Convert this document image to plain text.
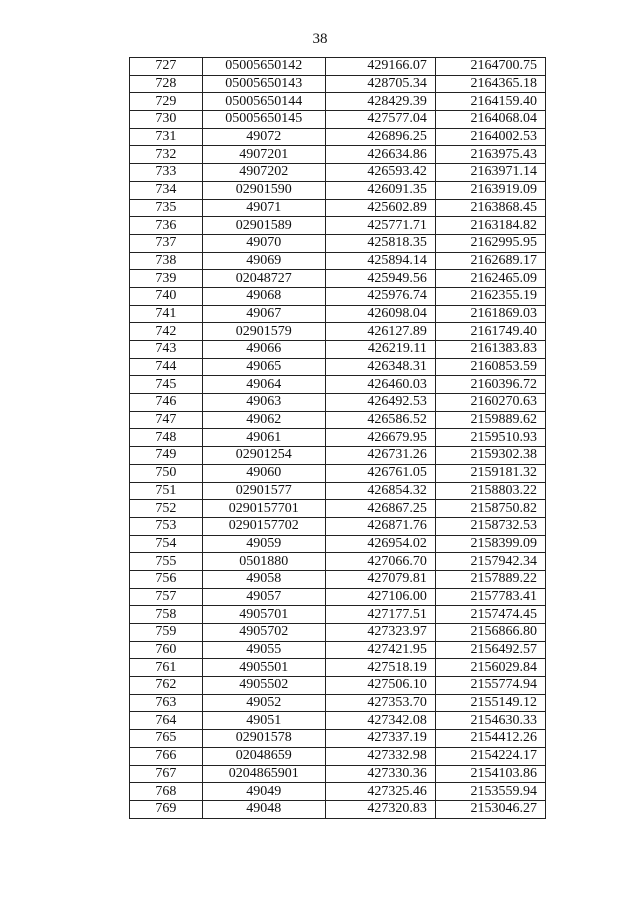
38
727	05005650142	429166.07	2164700.75
728	05005650143	428705.34	2164365.18
729	05005650144	428429.39	2164159.40
730	05005650145	427577.04	2164068.04
731	49072	426896.25	2164002.53
732	4907201	426634.86	2163975.43
733	4907202	426593.42	2163971.14
734	02901590	426091.35	2163919.09
735	49071	425602.89	2163868.45
736	02901589	425771.71	2163184.82
737	49070	425818.35	2162995.95
738	49069	425894.14	2162689.17
739	02048727	425949.56	2162465.09
740	49068	425976.74	2162355.19
741	49067	426098.04	2161869.03
742	02901579	426127.89	2161749.40
743	49066	426219.11	2161383.83
744	49065	426348.31	2160853.59
745	49064	426460.03	2160396.72
746	49063	426492.53	2160270.63
747	49062	426586.52	2159889.62
748	49061	426679.95	2159510.93
749	02901254	426731.26	2159302.38
750	49060	426761.05	2159181.32
751	02901577	426854.32	2158803.22
752	0290157701	426867.25	2158750.82
753	0290157702	426871.76	2158732.53
754	49059	426954.02	2158399.09
755	0501880	427066.70	2157942.34
756	49058	427079.81	2157889.22
757	49057	427106.00	2157783.41
758	4905701	427177.51	2157474.45
759	4905702	427323.97	2156866.80
760	49055	427421.95	2156492.57
761	4905501	427518.19	2156029.84
762	4905502	427506.10	2155774.94
763	49052	427353.70	2155149.12
764	49051	427342.08	2154630.33
765	02901578	427337.19	2154412.26
766	02048659	427332.98	2154224.17
767	0204865901	427330.36	2154103.86
768	49049	427325.46	2153559.94
769	49048	427320.83	2153046.27
